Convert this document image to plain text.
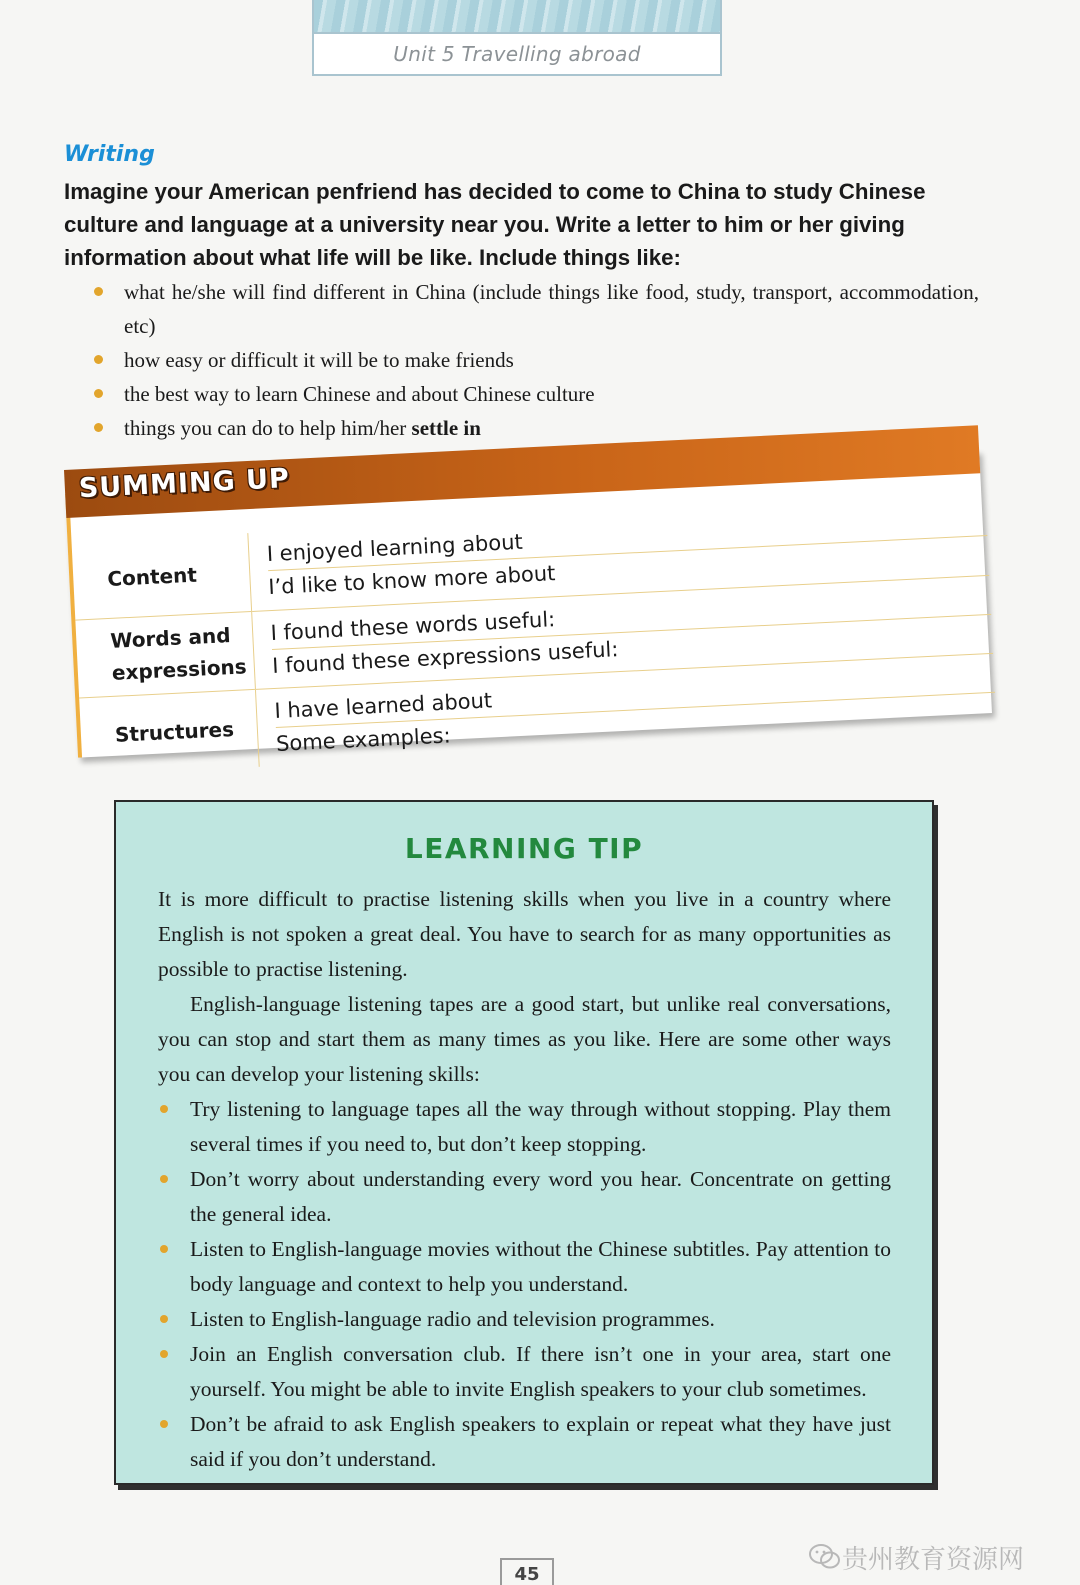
Unit 5 Travelling abroad
Writing

Imagine your American penfriend has decided to come to China to study Chinese culture and language at a university near you. Write a letter to him or her giving information about what life will be like. Include things like:

what he/she will find different in China (include things like food, study, transport, accommodation, etc)
how easy or difficult it will be to make friends
the best way to learn Chinese and about Chinese culture
things you can do to help him/her settle in
Content	I enjoyed learning about
I’d like to know more about

Words and expressions	I found these words useful:
I found these expressions useful:

Structures	I have learned about
Some examples:
SUMMING UP
LEARNING TIP

It is more difficult to practise listening skills when you live in a country where English is not spoken a great deal. You have to search for as many opportunities as possible to practise listening.

English-language listening tapes are a good start, but unlike real conversations, you can stop and start them as many times as you like. Here are some other ways you can develop your listening skills:

Try listening to language tapes all the way through without stopping. Play them several times if you need to, but don’t keep stopping.
Don’t worry about understanding every word you hear. Concentrate on getting the general idea.
Listen to English-language movies without the Chinese subtitles. Pay attention to body language and context to help you understand.
Listen to English-language radio and television programmes.
Join an English conversation club. If there isn’t one in your area, start one yourself. You might be able to invite English speakers to your club sometimes.
Don’t be afraid to ask English speakers to explain or repeat what they have just said if you don’t understand.
45	贵州教育资源网
